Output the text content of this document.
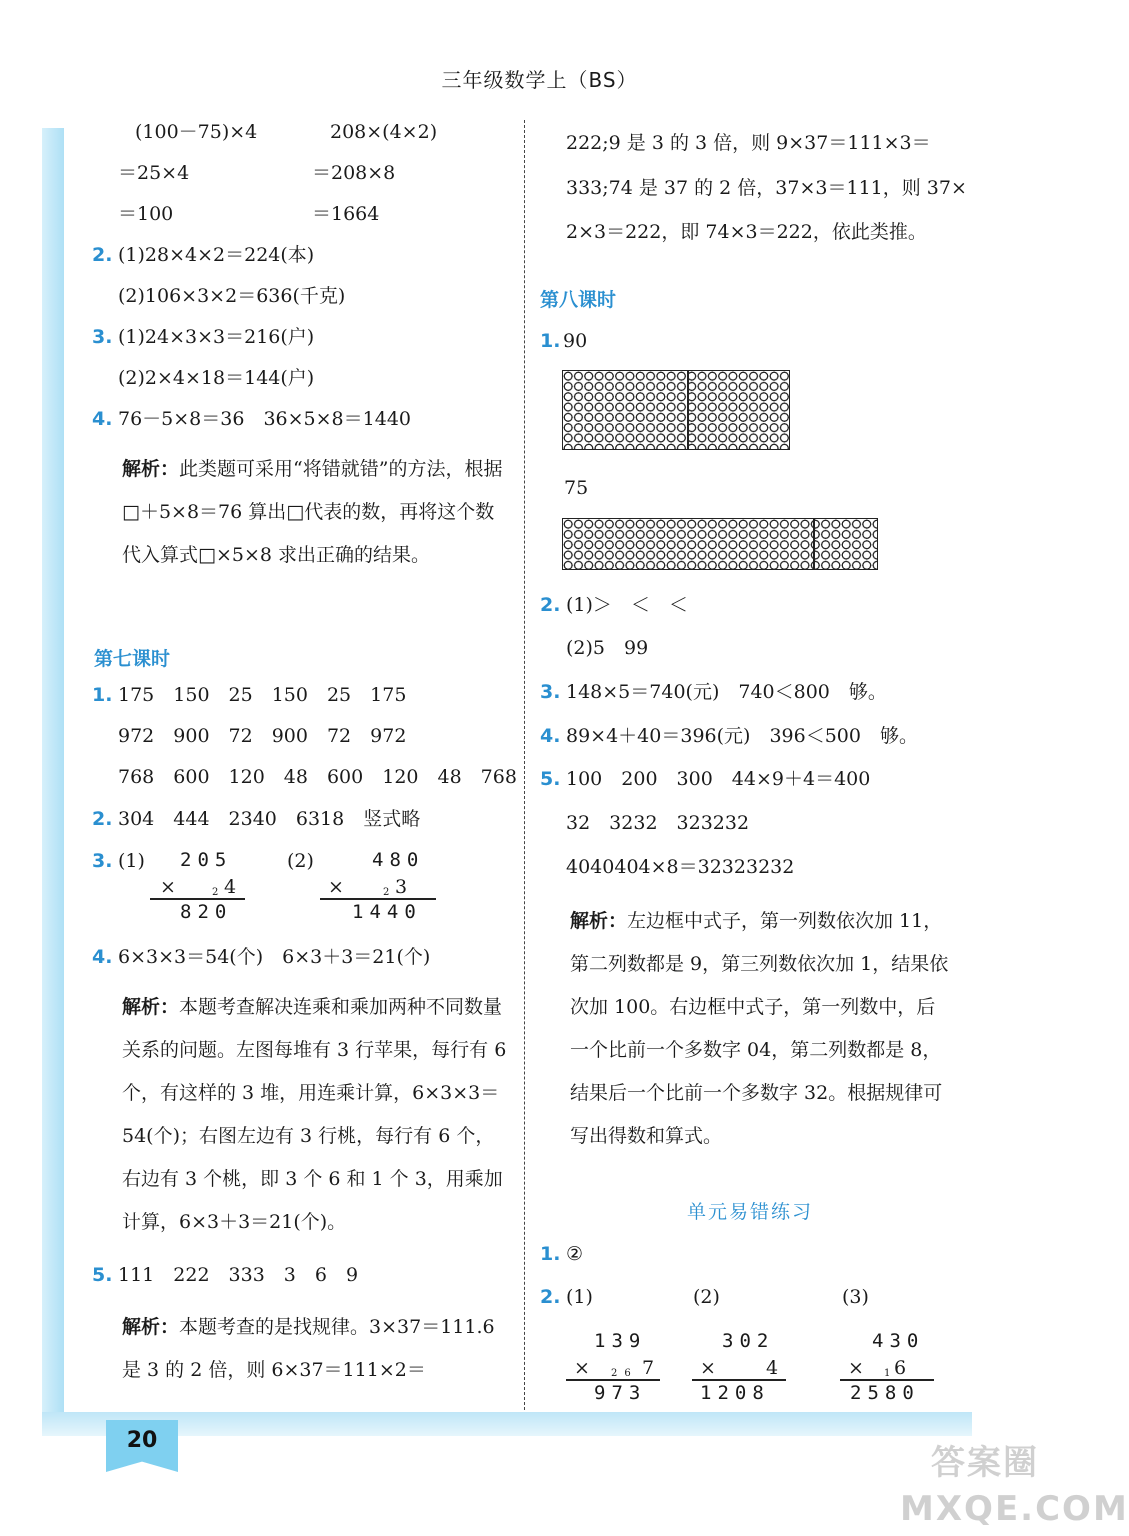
20
三年级数学上（BS）
(100－75)×4
＝25×4
＝100
208×(4×2)
＝208×8
＝1664
2. (1)28×4×2＝224(本)
(2)106×3×2＝636(千克)
3. (1)24×3×3＝216(户)
(2)2×4×18＝144(户)
4. 76－5×8＝36　36×5×8＝1440
解析：此类题可采用“将错就错”的方法，根据□＋5×8＝76 算出□代表的数，再将这个数代入算式□×5×8 求出正确的结果。
第七课时
1. 175　150　25　150　25　175
972　900　72　900　72　972
768　600　120　48　600　120　48　768
2. 304　444　2340　6318　竖式略
3. (1) 205
×	2 4
820
(2)	480
×	2 3
1440
4. 6×3×3＝54(个)　6×3＋3＝21(个)
解析：本题考查解决连乘和乘加两种不同数量关系的问题。左图每堆有 3 行苹果，每行有 6 个，有这样的 3 堆，用连乘计算，6×3×3＝54(个)；右图左边有 3 行桃，每行有 6 个，右边有 3 个桃，即 3 个 6 和 1 个 3，用乘加计算，6×3＋3＝21(个)。
5. 111　222　333　3　6　9
解析：本题考查的是找规律。3×37＝111.6 是 3 的 2 倍，则 6×37＝111×2＝
222;9 是 3 的 3 倍，则 9×37＝111×3＝
333;74 是 37 的 2 倍，37×3＝111，则 37×
2×3＝222，即 74×3＝222，依此类推。
第八课时
1. 90
75
2. (1)＞　＜　＜
(2)5　99
3. 148×5＝740(元)　740＜800　够。
4. 89×4＋40＝396(元)　396＜500　够。
5. 100　200　300　44×9＋4＝400
32　3232　323232
4040404×8＝32323232
解析：左边框中式子，第一列数依次加 11，第二列数都是 9，第三列数依次加 1，结果依次加 100。右边框中式子，第一列数中，后一个比前一个多数字 04，第二列数都是 8，结果后一个比前一个多数字 32。根据规律可写出得数和算式。
单元易错练习
1. ②
2. (1)	(2)	(3)
139
× 26 7
973
302
×	4
1208
430
× 1 6
2580
答案圈 MXQE.COM
